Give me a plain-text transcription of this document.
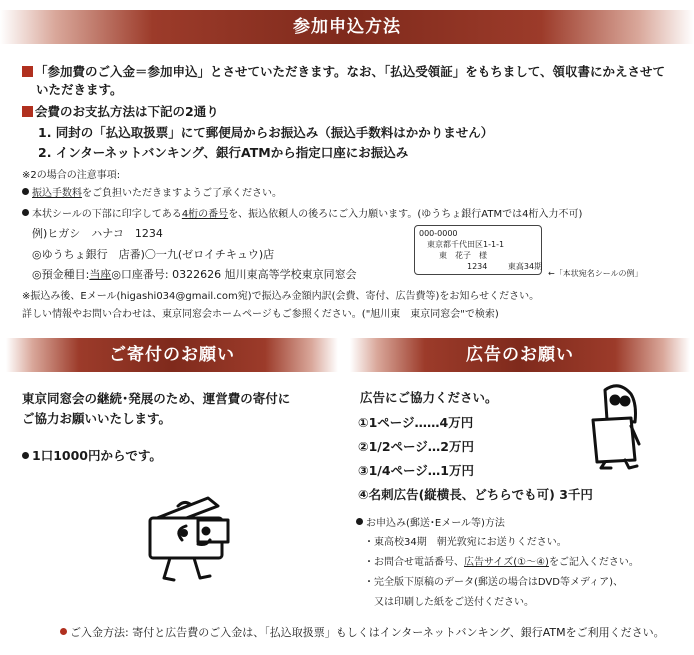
参加申込方法
「参加費のご入金＝参加申込」とさせていただきます。なお、「払込受領証」をもちまして、領収書にかえさせて
いただきます。
会費のお支払方法は下記の2通り
1. 同封の「払込取扱票」にて郵便局からお振込み（振込手数料はかかりません）
2. インターネットバンキング、銀行ATMから指定口座にお振込み
※2の場合の注意事項:
振込手数料をご負担いただきますようご了承ください。
本状シールの下部に印字してある4桁の番号を、振込依頼人の後ろにご入力願います。(ゆうちょ銀行ATMでは4桁入力不可)
例)ヒガシ　ハナコ　1234
◎ゆうちょ銀行　店番)〇一九(ゼロイチキュウ)店
◎預金種目:当座◎口座番号: 0322626 旭川東高等学校東京同窓会
000-0000
東京都千代田区1-1-1
東　花子　様
1234	東高34期
←「本状宛名シールの例」
※振込み後、Eメール(higashi034@gmail.com宛)で振込み金額内訳(会費、寄付、広告費等)をお知らせください。
詳しい情報やお問い合わせは、東京同窓会ホームページもご参照ください。("旭川東　東京同窓会"で検索)
ご寄付のお願い
東京同窓会の継続･発展のため、運営費の寄付に
ご協力お願いいたします。
1口1000円からです。
広告のお願い
広告にご協力ください。
①1ページ……4万円
②1/2ページ…2万円
③1/4ページ…1万円
④名刺広告(縦横長、どちらでも可) 3千円
お申込み(郵送･Eメール等)方法
・東高校34期　朝光敦宛にお送りください。
・お問合せ電話番号、広告サイズ(①〜④)をご記入ください。
・完全版下原稿のデータ(郵送の場合はDVD等メディア)、
　又は印刷した紙をご送付ください。
ご入金方法: 寄付と広告費のご入金は、「払込取扱票」もしくはインターネットバンキング、銀行ATMをご利用ください。
